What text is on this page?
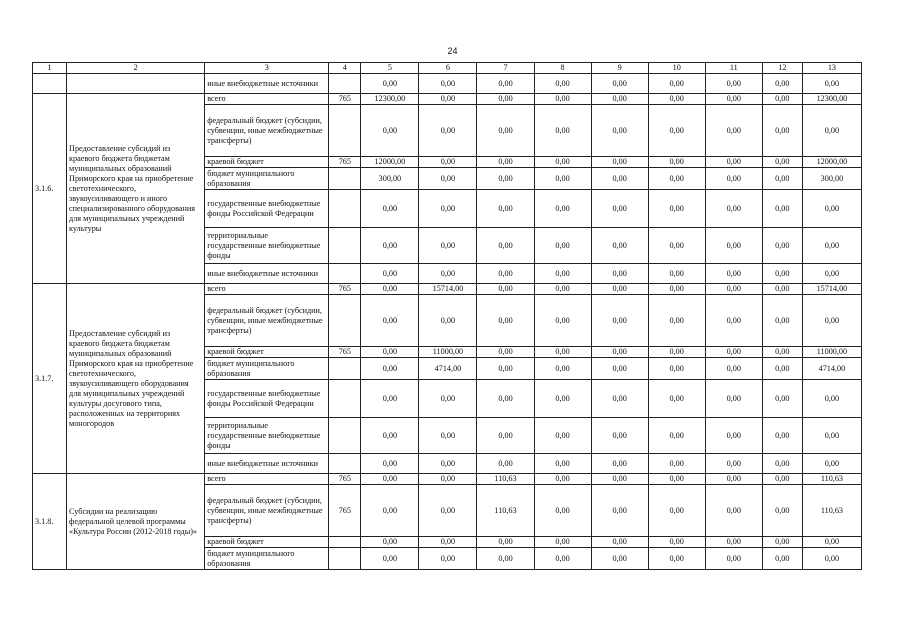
24
1	2	3	4	5	6	7	8	9	10	11	12	13
		иные внебюджетные источники		0,00	0,00	0,00	0,00	0,00	0,00	0,00	0,00	0,00
3.1.6.	Предоставление субсидий из краевого бюджета бюджетам муниципальных образований Приморского края на приобретение светотехнического, звукоусиливающего и иного специализированного оборудования для муниципальных учреждений культуры	всего	765	12300,00	0,00	0,00	0,00	0,00	0,00	0,00	0,00	12300,00
		федеральный бюджет (субсидии, субвенции, иные межбюджетные трансферты)		0,00	0,00	0,00	0,00	0,00	0,00	0,00	0,00	0,00
		краевой бюджет	765	12000,00	0,00	0,00	0,00	0,00	0,00	0,00	0,00	12000,00
		бюджет муниципального образования		300,00	0,00	0,00	0,00	0,00	0,00	0,00	0,00	300,00
		государственные внебюджетные фонды Российской Федерации		0,00	0,00	0,00	0,00	0,00	0,00	0,00	0,00	0,00
		территориальные государственные внебюджетные фонды		0,00	0,00	0,00	0,00	0,00	0,00	0,00	0,00	0,00
		иные внебюджетные источники		0,00	0,00	0,00	0,00	0,00	0,00	0,00	0,00	0,00
3.1.7.	Предоставление субсидий из краевого бюджета бюджетам муниципальных образований Приморского края на приобретение светотехнического, звукоусиливающего оборудования для муниципальных учреждений культуры досугового типа, расположенных на территориях моногородов	всего	765	0,00	15714,00	0,00	0,00	0,00	0,00	0,00	0,00	15714,00
		федеральный бюджет (субсидии, субвенции, иные межбюджетные трансферты)		0,00	0,00	0,00	0,00	0,00	0,00	0,00	0,00	0,00
		краевой бюджет	765	0,00	11000,00	0,00	0,00	0,00	0,00	0,00	0,00	11000,00
		бюджет муниципального образования		0,00	4714,00	0,00	0,00	0,00	0,00	0,00	0,00	4714,00
		государственные внебюджетные фонды Российской Федерации		0,00	0,00	0,00	0,00	0,00	0,00	0,00	0,00	0,00
		территориальные государственные внебюджетные фонды		0,00	0,00	0,00	0,00	0,00	0,00	0,00	0,00	0,00
		иные внебюджетные источники		0,00	0,00	0,00	0,00	0,00	0,00	0,00	0,00	0,00
3.1.8.	Субсидии на реализацию федеральной целевой программы «Культура России (2012-2018 годы)»	всего	765	0,00	0,00	110,63	0,00	0,00	0,00	0,00	0,00	110,63
		федеральный бюджет (субсидии, субвенции, иные межбюджетные трансферты)	765	0,00	0,00	110,63	0,00	0,00	0,00	0,00	0,00	110,63
		краевой бюджет		0,00	0,00	0,00	0,00	0,00	0,00	0,00	0,00	0,00
		бюджет муниципального образования		0,00	0,00	0,00	0,00	0,00	0,00	0,00	0,00	0,00
